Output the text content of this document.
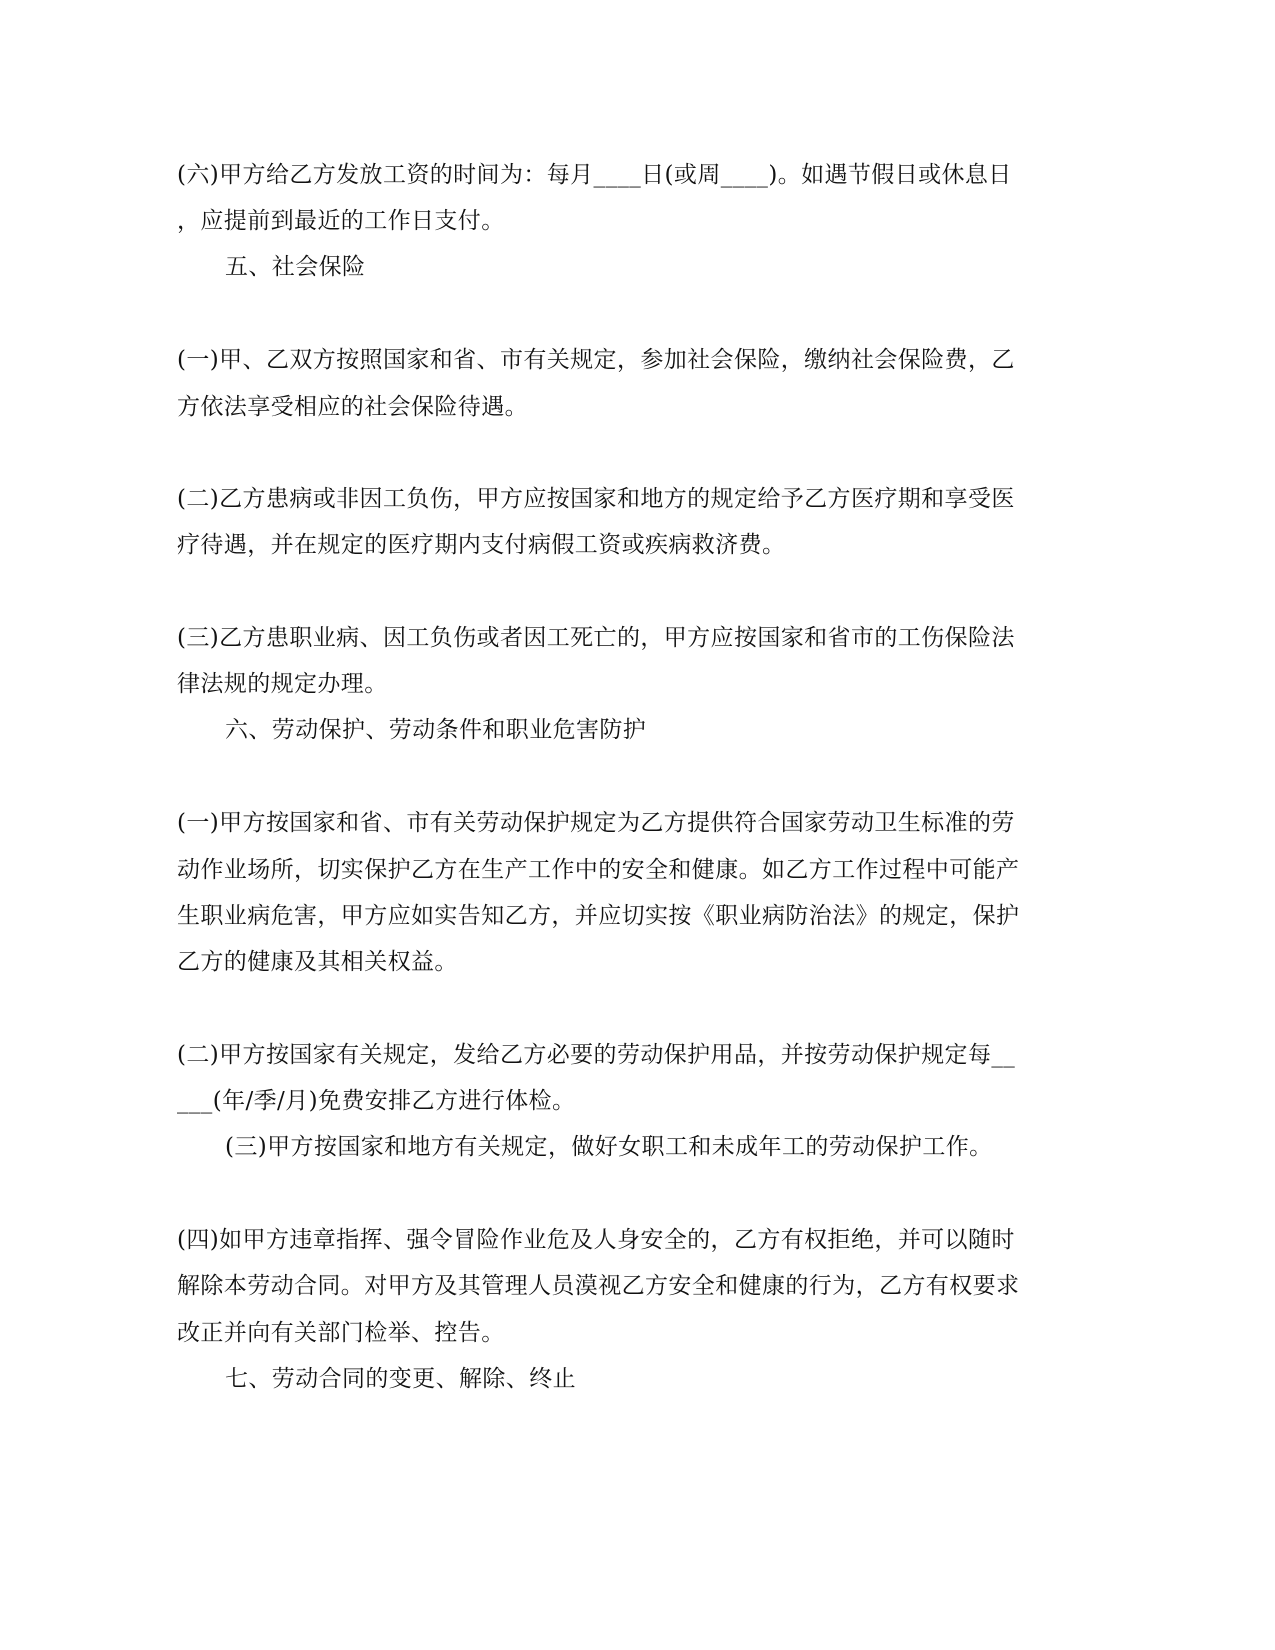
(六)甲方给乙方发放工资的时间为：每月____日(或周____)。如遇节假日或休息日

，应提前到最近的工作日支付。

五、社会保险

(一)甲、乙双方按照国家和省、市有关规定，参加社会保险，缴纳社会保险费，乙

方依法享受相应的社会保险待遇。

(二)乙方患病或非因工负伤，甲方应按国家和地方的规定给予乙方医疗期和享受医

疗待遇，并在规定的医疗期内支付病假工资或疾病救济费。

(三)乙方患职业病、因工负伤或者因工死亡的，甲方应按国家和省市的工伤保险法

律法规的规定办理。

六、劳动保护、劳动条件和职业危害防护

(一)甲方按国家和省、市有关劳动保护规定为乙方提供符合国家劳动卫生标准的劳

动作业场所，切实保护乙方在生产工作中的安全和健康。如乙方工作过程中可能产

生职业病危害，甲方应如实告知乙方，并应切实按《职业病防治法》的规定，保护

乙方的健康及其相关权益。

(二)甲方按国家有关规定，发给乙方必要的劳动保护用品，并按劳动保护规定每__

___(年/季/月)免费安排乙方进行体检。

(三)甲方按国家和地方有关规定，做好女职工和未成年工的劳动保护工作。

(四)如甲方违章指挥、强令冒险作业危及人身安全的，乙方有权拒绝，并可以随时

解除本劳动合同。对甲方及其管理人员漠视乙方安全和健康的行为，乙方有权要求

改正并向有关部门检举、控告。

七、劳动合同的变更、解除、终止
